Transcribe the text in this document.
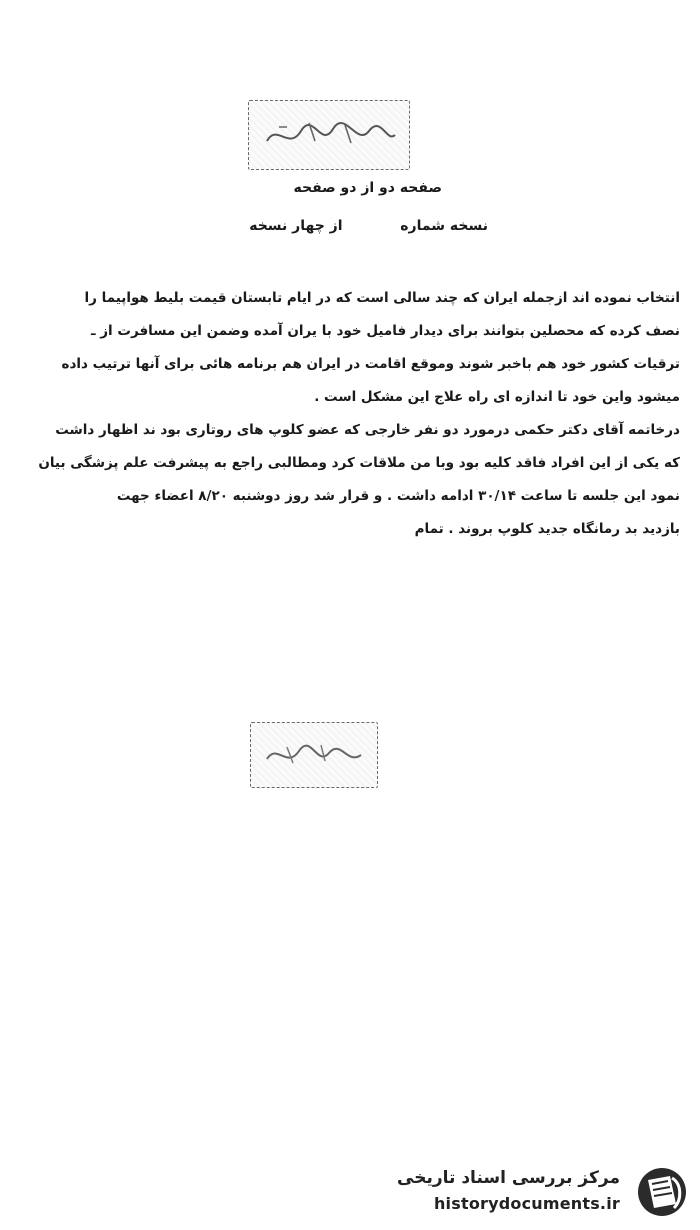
صفحه دو از دو صفحه
نسخه شماره  از چهار نسخه
انتخاب نموده اند ازجمله ایران که چند سالی است که در ایام تابستان قیمت بلیط هواپیما را
نصف کرده که محصلین بتوانند برای دیدار فامیل خود با یران آمده وضمن این مسافرت از ـ
ترقیات کشور خود هم باخبر شوند وموقع اقامت در ایران هم برنامه هائی برای آنها ترتیب داده
میشود واین خود تا اندازه ای راه علاج این مشکل است .
درخاتمه آقای دکتر حکمی درمورد دو نفر خارجی که عضو کلوپ های روتاری بود ند اظهار داشت
که یکی از این افراد فاقد کلیه بود وبا من ملاقات کرد ومطالبی راجع به پیشرفت علم پزشگی بیان
نمود این جلسه تا ساعت ۳۰/۱۴ ادامه داشت . و قرار شد روز دوشنبه ۸/۲۰ اعضاء جهت
بازدید بد رمانگاه جدید کلوپ بروند . تمام
مرکز بررسی اسناد تاریخی
historydocuments.ir
